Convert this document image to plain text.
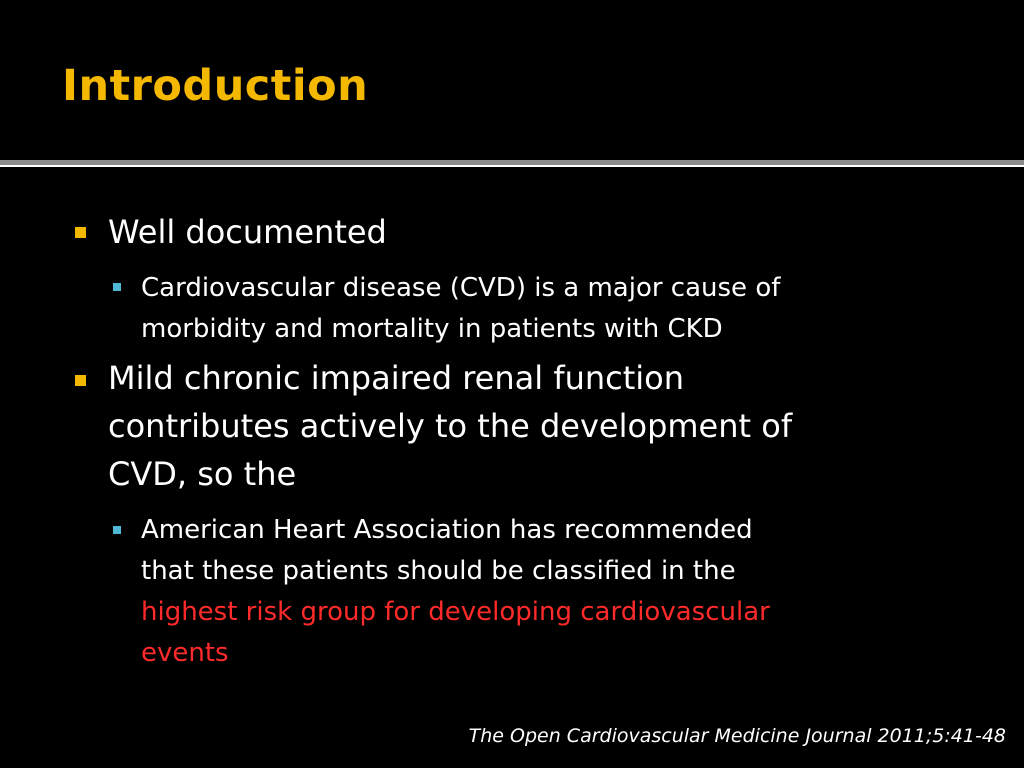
Introduction

Well documented

Cardiovascular disease (CVD) is a major cause of
morbidity and mortality in patients with CKD

Mild chronic impaired renal function
contributes actively to the development of
CVD, so the

American Heart Association has recommended
that these patients should be classified in the
highest risk group for developing cardiovascular
events

The Open Cardiovascular Medicine Journal 2011;5:41-48
